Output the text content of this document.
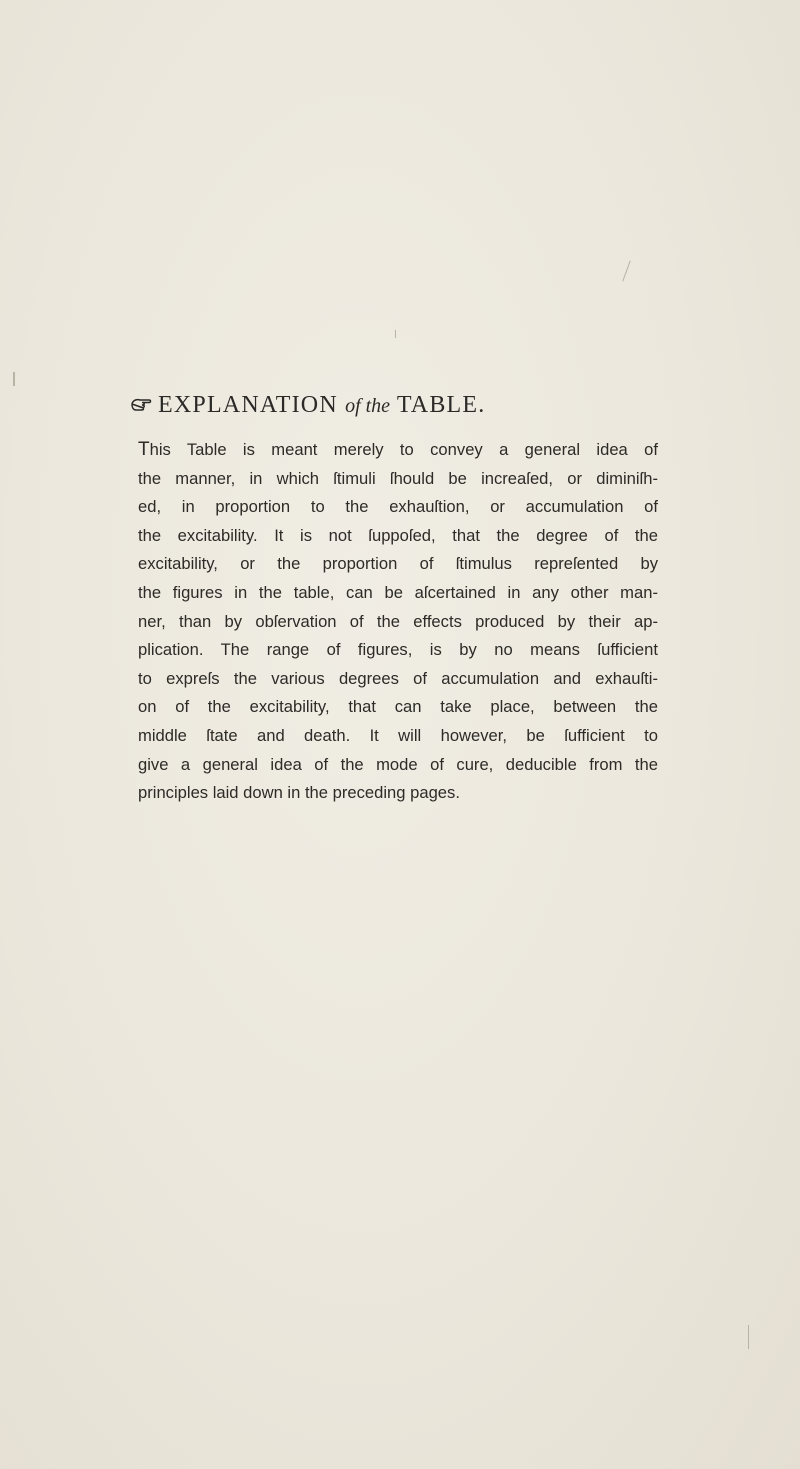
EXPLANATION of the TABLE.
This Table is meant merely to convey a general idea of
the manner, in which ſtimuli ſhould be increaſed, or diminiſh-
ed, in proportion to the exhauſtion, or accumulation of
the excitability. It is not ſuppoſed, that the degree of the
excitability, or the proportion of ſtimulus repreſented by
the figures in the table, can be aſcertained in any other man-
ner, than by obſervation of the effects produced by their ap-
plication. The range of figures, is by no means ſufficient
to expreſs the various degrees of accumulation and exhauſti-
on of the excitability, that can take place, between the
middle ſtate and death. It will however, be ſufficient to
give a general idea of the mode of cure, deducible from the
principles laid down in the preceding pages.
